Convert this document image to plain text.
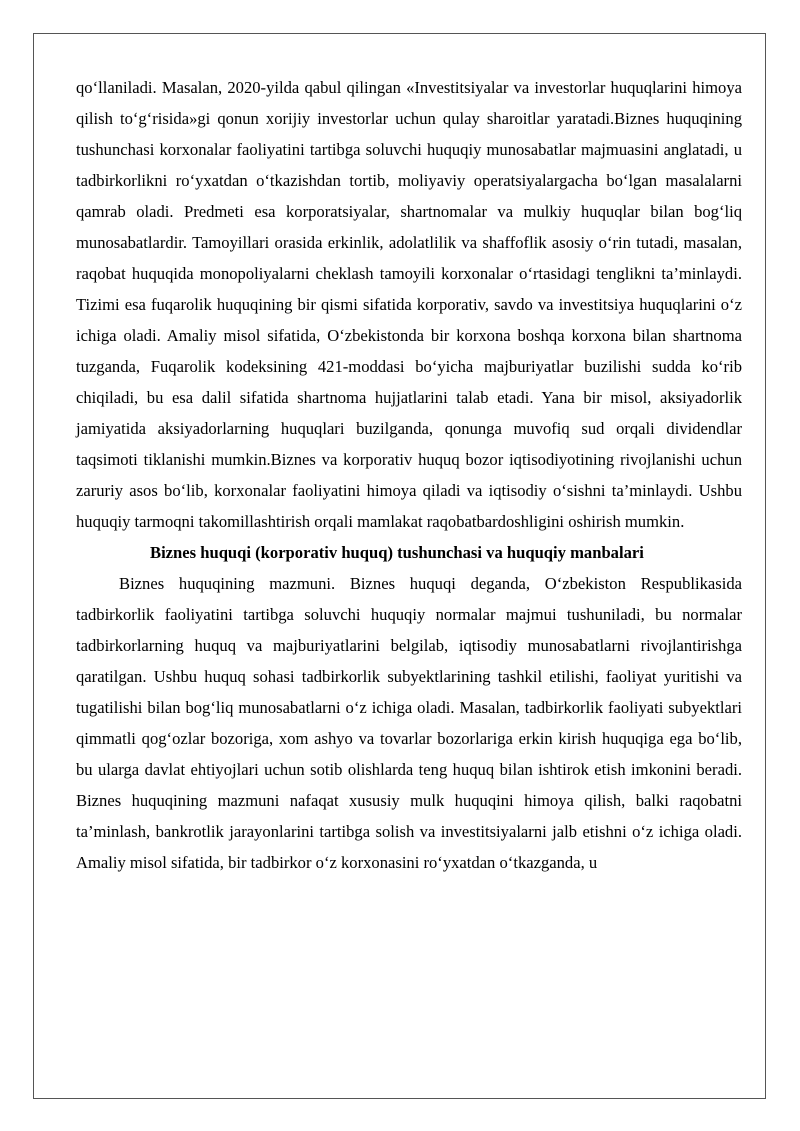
qo‘llaniladi. Masalan, 2020-yilda qabul qilingan «Investitsiyalar va investorlar huquqlarini himoya qilish to‘g‘risida»gi qonun xorijiy investorlar uchun qulay sharoitlar yaratadi.Biznes huquqining tushunchasi korxonalar faoliyatini tartibga soluvchi huquqiy munosabatlar majmuasini anglatadi, u tadbirkorlikni ro‘yxatdan o‘tkazishdan tortib, moliyaviy operatsiyalargacha bo‘lgan masalalarni qamrab oladi. Predmeti esa korporatsiyalar, shartnomalar va mulkiy huquqlar bilan bog‘liq munosabatlardir. Tamoyillari orasida erkinlik, adolatlilik va shaffoflik asosiy o‘rin tutadi, masalan, raqobat huquqida monopoliyalarni cheklash tamoyili korxonalar o‘rtasidagi tenglikni ta’minlaydi. Tizimi esa fuqarolik huquqining bir qismi sifatida korporativ, savdo va investitsiya huquqlarini o‘z ichiga oladi. Amaliy misol sifatida, O‘zbekistonda bir korxona boshqa korxona bilan shartnoma tuzganda, Fuqarolik kodeksining 421-moddasi bo‘yicha majburiyatlar buzilishi sudda ko‘rib chiqiladi, bu esa dalil sifatida shartnoma hujjatlarini talab etadi. Yana bir misol, aksiyadorlik jamiyatida aksiyadorlarning huquqlari buzilganda, qonunga muvofiq sud orqali dividendlar taqsimoti tiklanishi mumkin.Biznes va korporativ huquq bozor iqtisodiyotining rivojlanishi uchun zaruriy asos bo‘lib, korxonalar faoliyatini himoya qiladi va iqtisodiy o‘sishni ta’minlaydi. Ushbu huquqiy tarmoqni takomillashtirish orqali mamlakat raqobatbardoshligini oshirish mumkin.

Biznes huquqi (korporativ huquq) tushunchasi va huquqiy manbalari

Biznes huquqining mazmuni. Biznes huquqi deganda, O‘zbekiston Respublikasida tadbirkorlik faoliyatini tartibga soluvchi huquqiy normalar majmui tushuniladi, bu normalar tadbirkorlarning huquq va majburiyatlarini belgilab, iqtisodiy munosabatlarni rivojlantirishga qaratilgan. Ushbu huquq sohasi tadbirkorlik subyektlarining tashkil etilishi, faoliyat yuritishi va tugatilishi bilan bog‘liq munosabatlarni o‘z ichiga oladi. Masalan, tadbirkorlik faoliyati subyektlari qimmatli qog‘ozlar bozoriga, xom ashyo va tovarlar bozorlariga erkin kirish huquqiga ega bo‘lib, bu ularga davlat ehtiyojlari uchun sotib olishlarda teng huquq bilan ishtirok etish imkonini beradi. Biznes huquqining mazmuni nafaqat xususiy mulk huquqini himoya qilish, balki raqobatni ta’minlash, bankrotlik jarayonlarini tartibga solish va investitsiyalarni jalb etishni o‘z ichiga oladi. Amaliy misol sifatida, bir tadbirkor o‘z korxonasini ro‘yxatdan o‘tkazganda, u
